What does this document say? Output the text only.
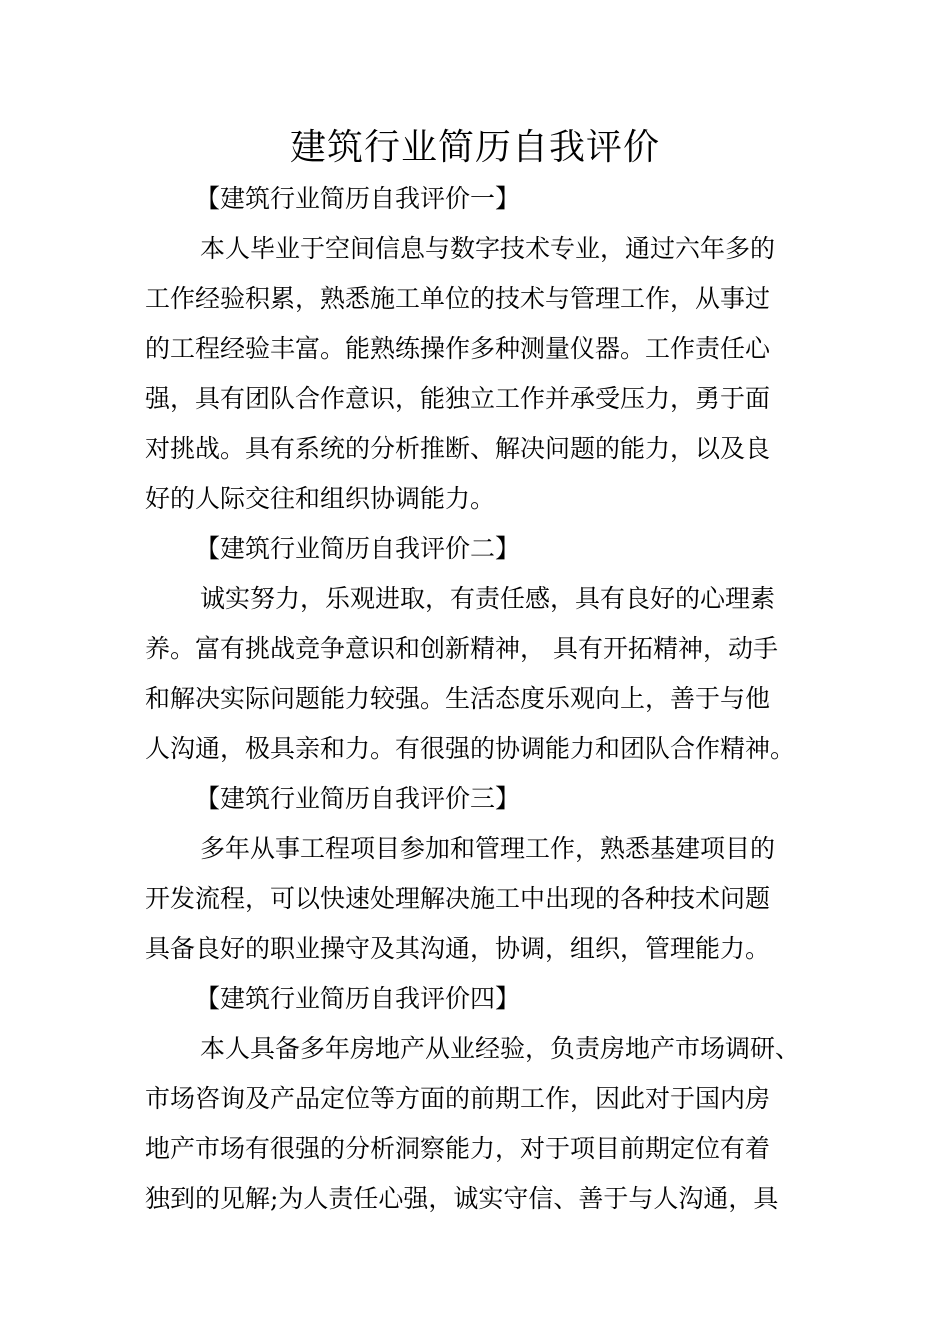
建筑行业简历自我评价
【建筑行业简历自我评价一】
本人毕业于空间信息与数字技术专业，通过六年多的
工作经验积累，熟悉施工单位的技术与管理工作，从事过
的工程经验丰富。能熟练操作多种测量仪器。工作责任心
强，具有团队合作意识，能独立工作并承受压力，勇于面
对挑战。具有系统的分析推断、解决问题的能力，以及良
好的人际交往和组织协调能力。
【建筑行业简历自我评价二】
诚实努力，乐观进取，有责任感，具有良好的心理素
养。富有挑战竞争意识和创新精神， 具有开拓精神，动手
和解决实际问题能力较强。生活态度乐观向上，善于与他
人沟通，极具亲和力。有很强的协调能力和团队合作精神。
【建筑行业简历自我评价三】
多年从事工程项目参加和管理工作，熟悉基建项目的
开发流程，可以快速处理解决施工中出现的各种技术问题
具备良好的职业操守及其沟通，协调，组织，管理能力。
【建筑行业简历自我评价四】
本人具备多年房地产从业经验，负责房地产市场调研、
市场咨询及产品定位等方面的前期工作，因此对于国内房
地产市场有很强的分析洞察能力，对于项目前期定位有着
独到的见解;为人责任心强，诚实守信、善于与人沟通，具
